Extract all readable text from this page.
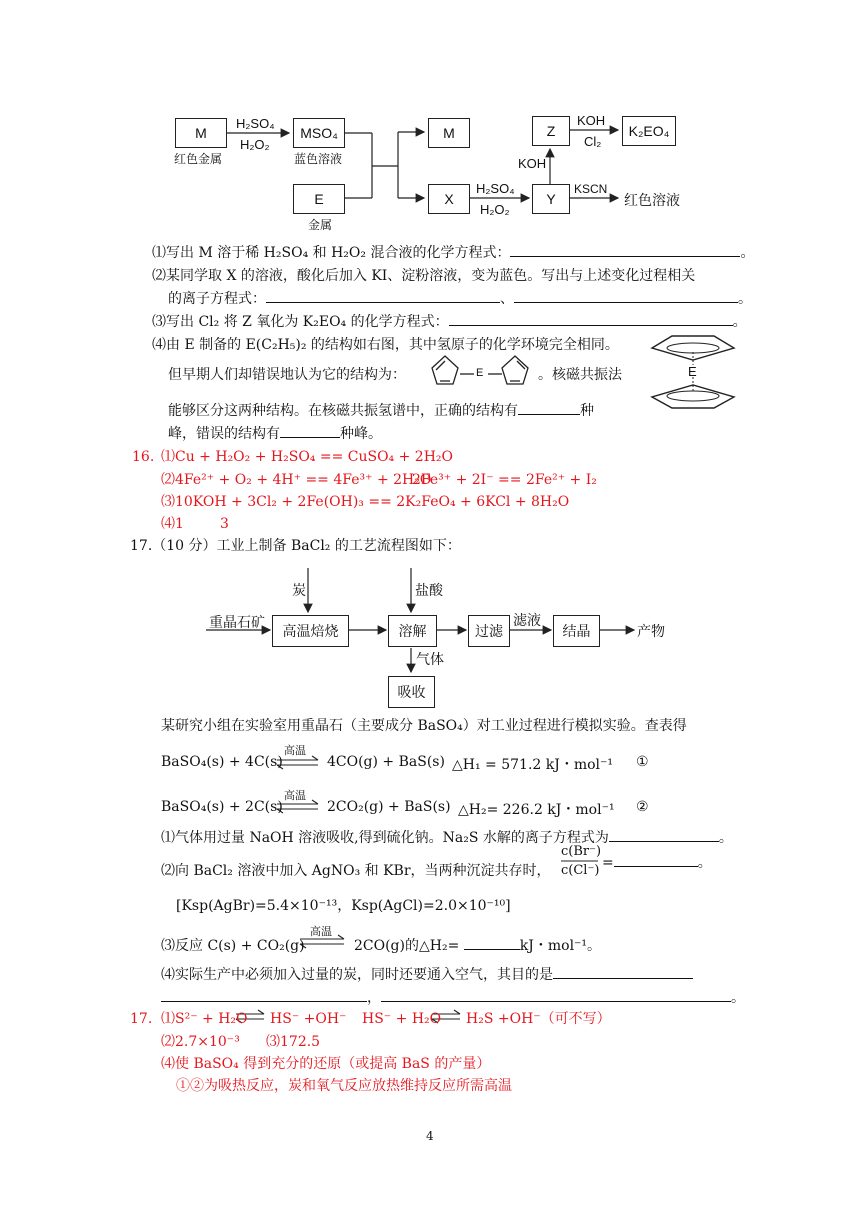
M
红色金属
H₂SO₄
H₂O₂
MSO₄
蓝色溶液
E
金属
M
X
H₂SO₄
H₂O₂
Y
KOH
Z
KOH
Cl₂
K₂EO₄
KSCN
红色溶液
⑴写出 M 溶于稀 H₂SO₄ 和 H₂O₂ 混合液的化学方程式：	。
⑵某同学取 X 的溶液，酸化后加入 KI、淀粉溶液，变为蓝色。写出与上述变化过程相关
的离子方程式：	、	。
⑶写出 Cl₂ 将 Z 氧化为 K₂EO₄ 的化学方程式：	。
⑷由 E 制备的 E(C₂H₅)₂ 的结构如右图，其中氢原子的化学环境完全相同。
但早期人们却错误地认为它的结构为：	E	。核磁共振法	E
能够区分这两种结构。在核磁共振氢谱中，正确的结构有	种
峰，错误的结构有	种峰。
16. ⑴Cu + H₂O₂ + H₂SO₄ == CuSO₄ + 2H₂O
⑵4Fe²⁺ + O₂ + 4H⁺ == 4Fe³⁺ + 2H₂O
2Fe³⁺ + 2I⁻ == 2Fe²⁺ + I₂
⑶10KOH + 3Cl₂ + 2Fe(OH)₃ == 2K₂FeO₄ + 6KCl + 8H₂O
⑷1	3
17.（10 分）工业上制备 BaCl₂ 的工艺流程图如下：
炭	盐酸
重晶石矿
高温焙烧	溶解	过滤
滤液
结晶	产物
气体
吸收
某研究小组在实验室用重晶石（主要成分 BaSO₄）对工业过程进行模拟实验。查表得
BaSO₄(s) + 4C(s)
高温
4CO(g) + BaS(s) △H₁ = 571.2 kJ・mol⁻¹ ①
BaSO₄(s) + 2C(s)
高温
2CO₂(g) + BaS(s) △H₂= 226.2 kJ・mol⁻¹ ②
⑴气体用过量 NaOH 溶液吸收,得到硫化钠。Na₂S 水解的离子方程式为	。
⑵向 BaCl₂ 溶液中加入 AgNO₃ 和 KBr，当两种沉淀共存时，
c(Br⁻)
c(Cl⁻) =	。
[Ksp(AgBr)=5.4×10⁻¹³，Ksp(AgCl)=2.0×10⁻¹⁰]
⑶反应 C(s) + CO₂(g)
高温
2CO(g)的△H₂=	kJ・mol⁻¹。
⑷实际生产中必须加入过量的炭，同时还要通入空气，其目的是
，	。
17. ⑴S²⁻ + H₂O HS⁻ +OH⁻ HS⁻ + H₂O H₂S +OH⁻（可不写）
⑵2.7×10⁻³ ⑶172.5
⑷使 BaSO₄ 得到充分的还原（或提高 BaS 的产量）
①②为吸热反应，炭和氧气反应放热维持反应所需高温
4
